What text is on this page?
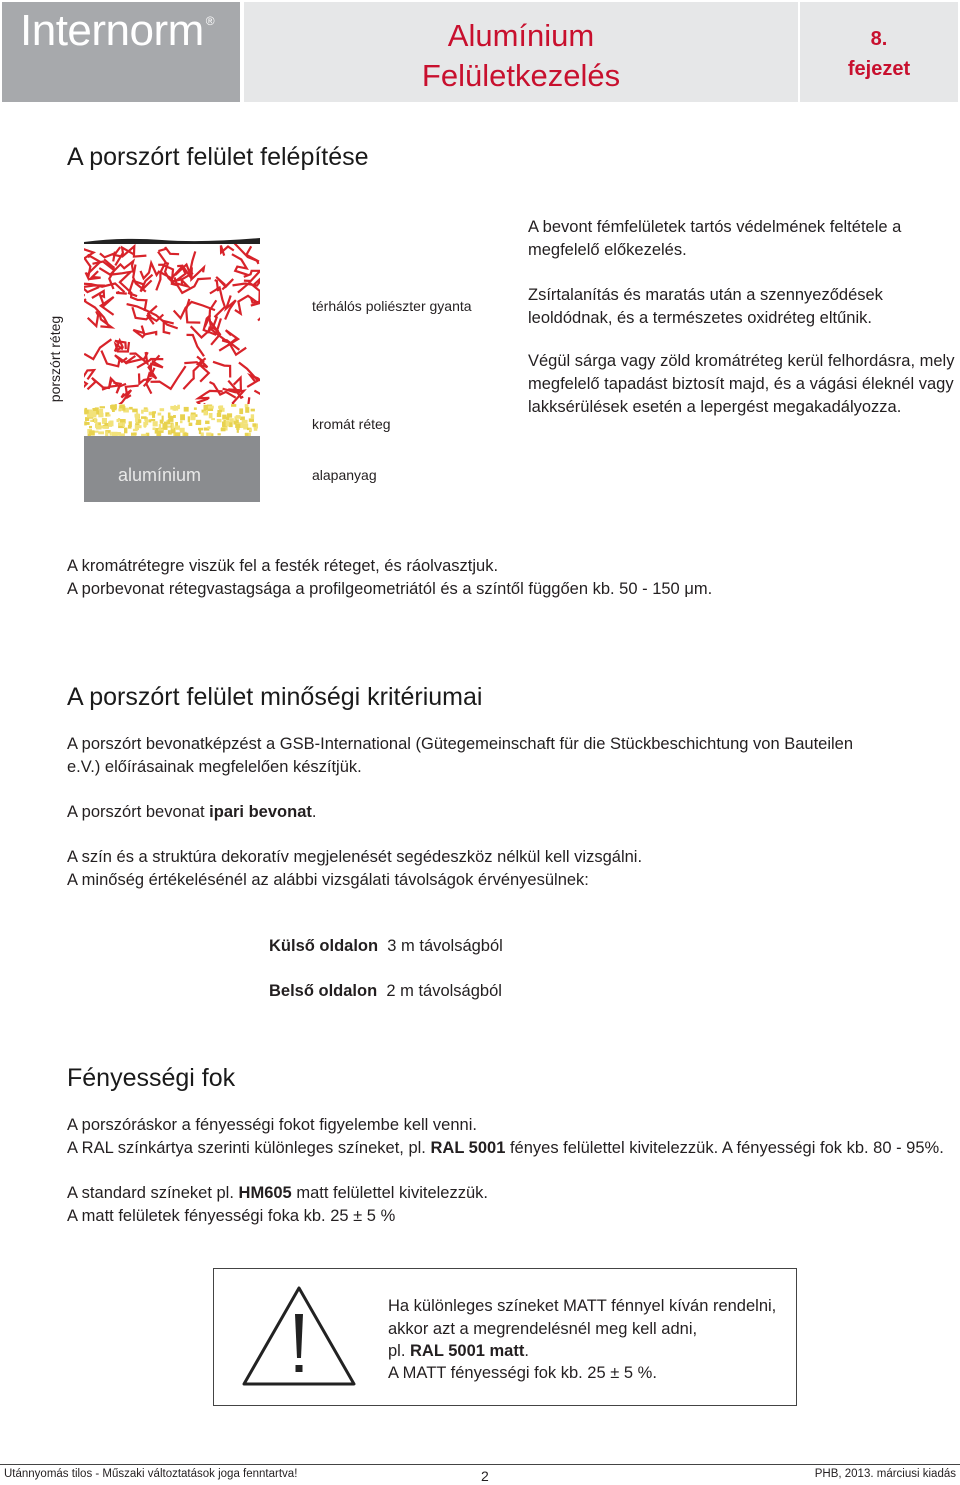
Internorm ®	Alumínium
Felületkezelés
8.
fejezet
A porszórt felület felépítése
porszórt réteg
alumínium
térhálós poliészter gyanta
kromát réteg
alapanyag
A bevont fémfelületek tartós védelmének feltétele a megfelelő előkezelés.
Zsírtalanítás és maratás után a szennyeződések leoldódnak, és a természetes oxidréteg eltűnik.
Végül sárga vagy zöld kromátréteg kerül felhordásra, mely megfelelő tapadást biztosít majd, és a vágási éleknél vagy lakksérülések esetén a lepergést megakadályozza.
A kromátrétegre viszük fel a festék réteget, és ráolvasztjuk.
A porbevonat rétegvastagsága a profilgeometriától és a színtől függően kb. 50 - 150 μm.
A porszórt felület minőségi kritériumai
A porszórt bevonatképzést a GSB-International (Gütegemeinschaft für die Stückbeschichtung von Bauteilen e.V.) előírásainak megfelelően készítjük.
A porszórt bevonat ipari bevonat.
A szín és a struktúra dekoratív megjelenését segédeszköz nélkül kell vizsgálni.
A minőség értékelésénél az alábbi vizsgálati távolságok érvényesülnek:
Külső oldalon 3 m távolságból
Belső oldalon 2 m távolságból
Fényességi fok
A porszóráskor a fényességi fokot figyelembe kell venni.
A RAL színkártya szerinti különleges színeket, pl. RAL 5001 fényes felülettel kivitelezzük. A fényességi fok kb. 80 - 95%.
A standard színeket pl. HM605 matt felülettel kivitelezzük.
A matt felületek fényességi foka kb. 25 ± 5 %
Ha különleges színeket MATT fénnyel kíván rendelni,
akkor azt a megrendelésnél meg kell adni,
pl. RAL 5001 matt.
A MATT fényességi fok kb. 25 ± 5 %.
Utánnyomás tilos - Műszaki változtatások joga fenntartva!	2	PHB, 2013. márciusi kiadás
